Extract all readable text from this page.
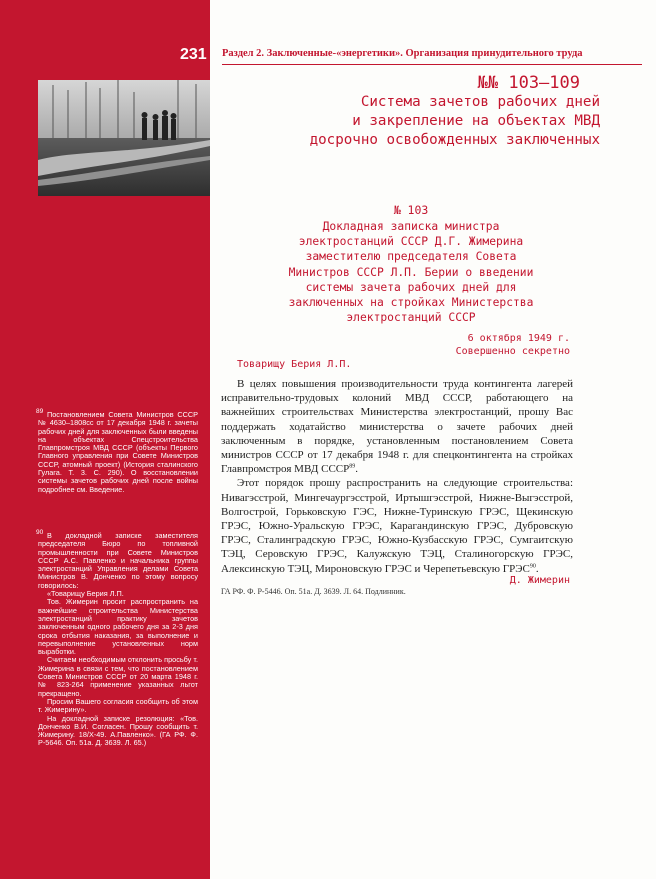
231
89 Постановлением Совета Министров СССР № 4630–1808сс от 17 декабря 1948 г. зачеты рабочих дней для заключенных были введены на объектах Спецстроительства Главпромстроя МВД СССР (объекты Первого Главного управления при Совете Министров СССР, атомный проект) (История сталинского Гулага. Т. 3. С. 290). О восстановлении системы зачетов рабочих дней после войны подробнее см. Введение.

90 В докладной записке заместителя председателя Бюро по топливной промышленности при Совете Министров СССР А.С. Павленко и начальника группы электростанций Управления делами Совета Министров В. Донченко по этому вопросу говорилось:

«Товарищу Берия Л.П.

Тов. Жимерин просит распространить на важнейшие строительства Министерства электростанций практику зачетов заключенным одного рабочего дня за 2-3 дня срока отбытия наказания, за выполнение и перевыполнение установленных норм выработки.

Считаем необходимым отклонить просьбу т. Жимерина в связи с тем, что постановлением Совета Министров СССР от 20 марта 1948 г. № 823-264 применение указанных льгот прекращено.

Просим Вашего согласия сообщить об этом т. Жимерину».

На докладной записке резолюция: «Тов. Донченко В.И. Согласен. Прошу сообщить т. Жимерину. 18/X-49. А.Павленко». (ГА РФ. Ф. Р-5646. Оп. 51а. Д. 3639. Л. 65.)

Раздел 2. Заключенные-«энергетики». Организация принудительного труда
№№ 103–109
Система зачетов рабочих дней
и закрепление на объектах МВД
досрочно освобожденных заключенных
№ 103
Докладная записка министра
электростанций СССР Д.Г. Жимерина
заместителю председателя Совета
Министров СССР Л.П. Берии о введении
системы зачета рабочих дней для
заключенных на стройках Министерства
электростанций СССР
6 октября 1949 г.
Совершенно секретно
Товарищу Берия Л.П.

В целях повышения производительности труда контингента лагерей исправительно-трудовых колоний МВД СССР, работающего на важнейших строительствах Министерства электростанций, прошу Вас поддержать ходатайство министерства о зачете рабочих дней заключенным в порядке, установленным постановлением Совета министров СССР от 17 декабря 1948 г. для спецконтингента на стройках Главпромстроя МВД СССР$^{89}$.

Этот порядок прошу распространить на следующие строительства: Нивагэсстрой, Мингечаургэсстрой, Иртышгэсстрой, Нижне-Выгэсстрой, Волгострой, Горьковскую ГЭС, Нижне-Туринскую ГРЭС, Щекинскую ГРЭС, Южно-Уральскую ГРЭС, Карагандинскую ГРЭС, Дубровскую ГРЭС, Сталинградскую ГРЭС, Южно-Кузбасскую ГРЭС, Сумгаитскую ТЭЦ, Серовскую ГРЭС, Калужскую ТЭЦ, Сталиногорскую ГРЭС, Алексинскую ТЭЦ, Мироновскую ГРЭС и Черепетьевскую ГРЭС$^{90}$.

Д. Жимерин
ГА РФ. Ф. Р-5446. Оп. 51а. Д. 3639. Л. 64. Подлинник.
